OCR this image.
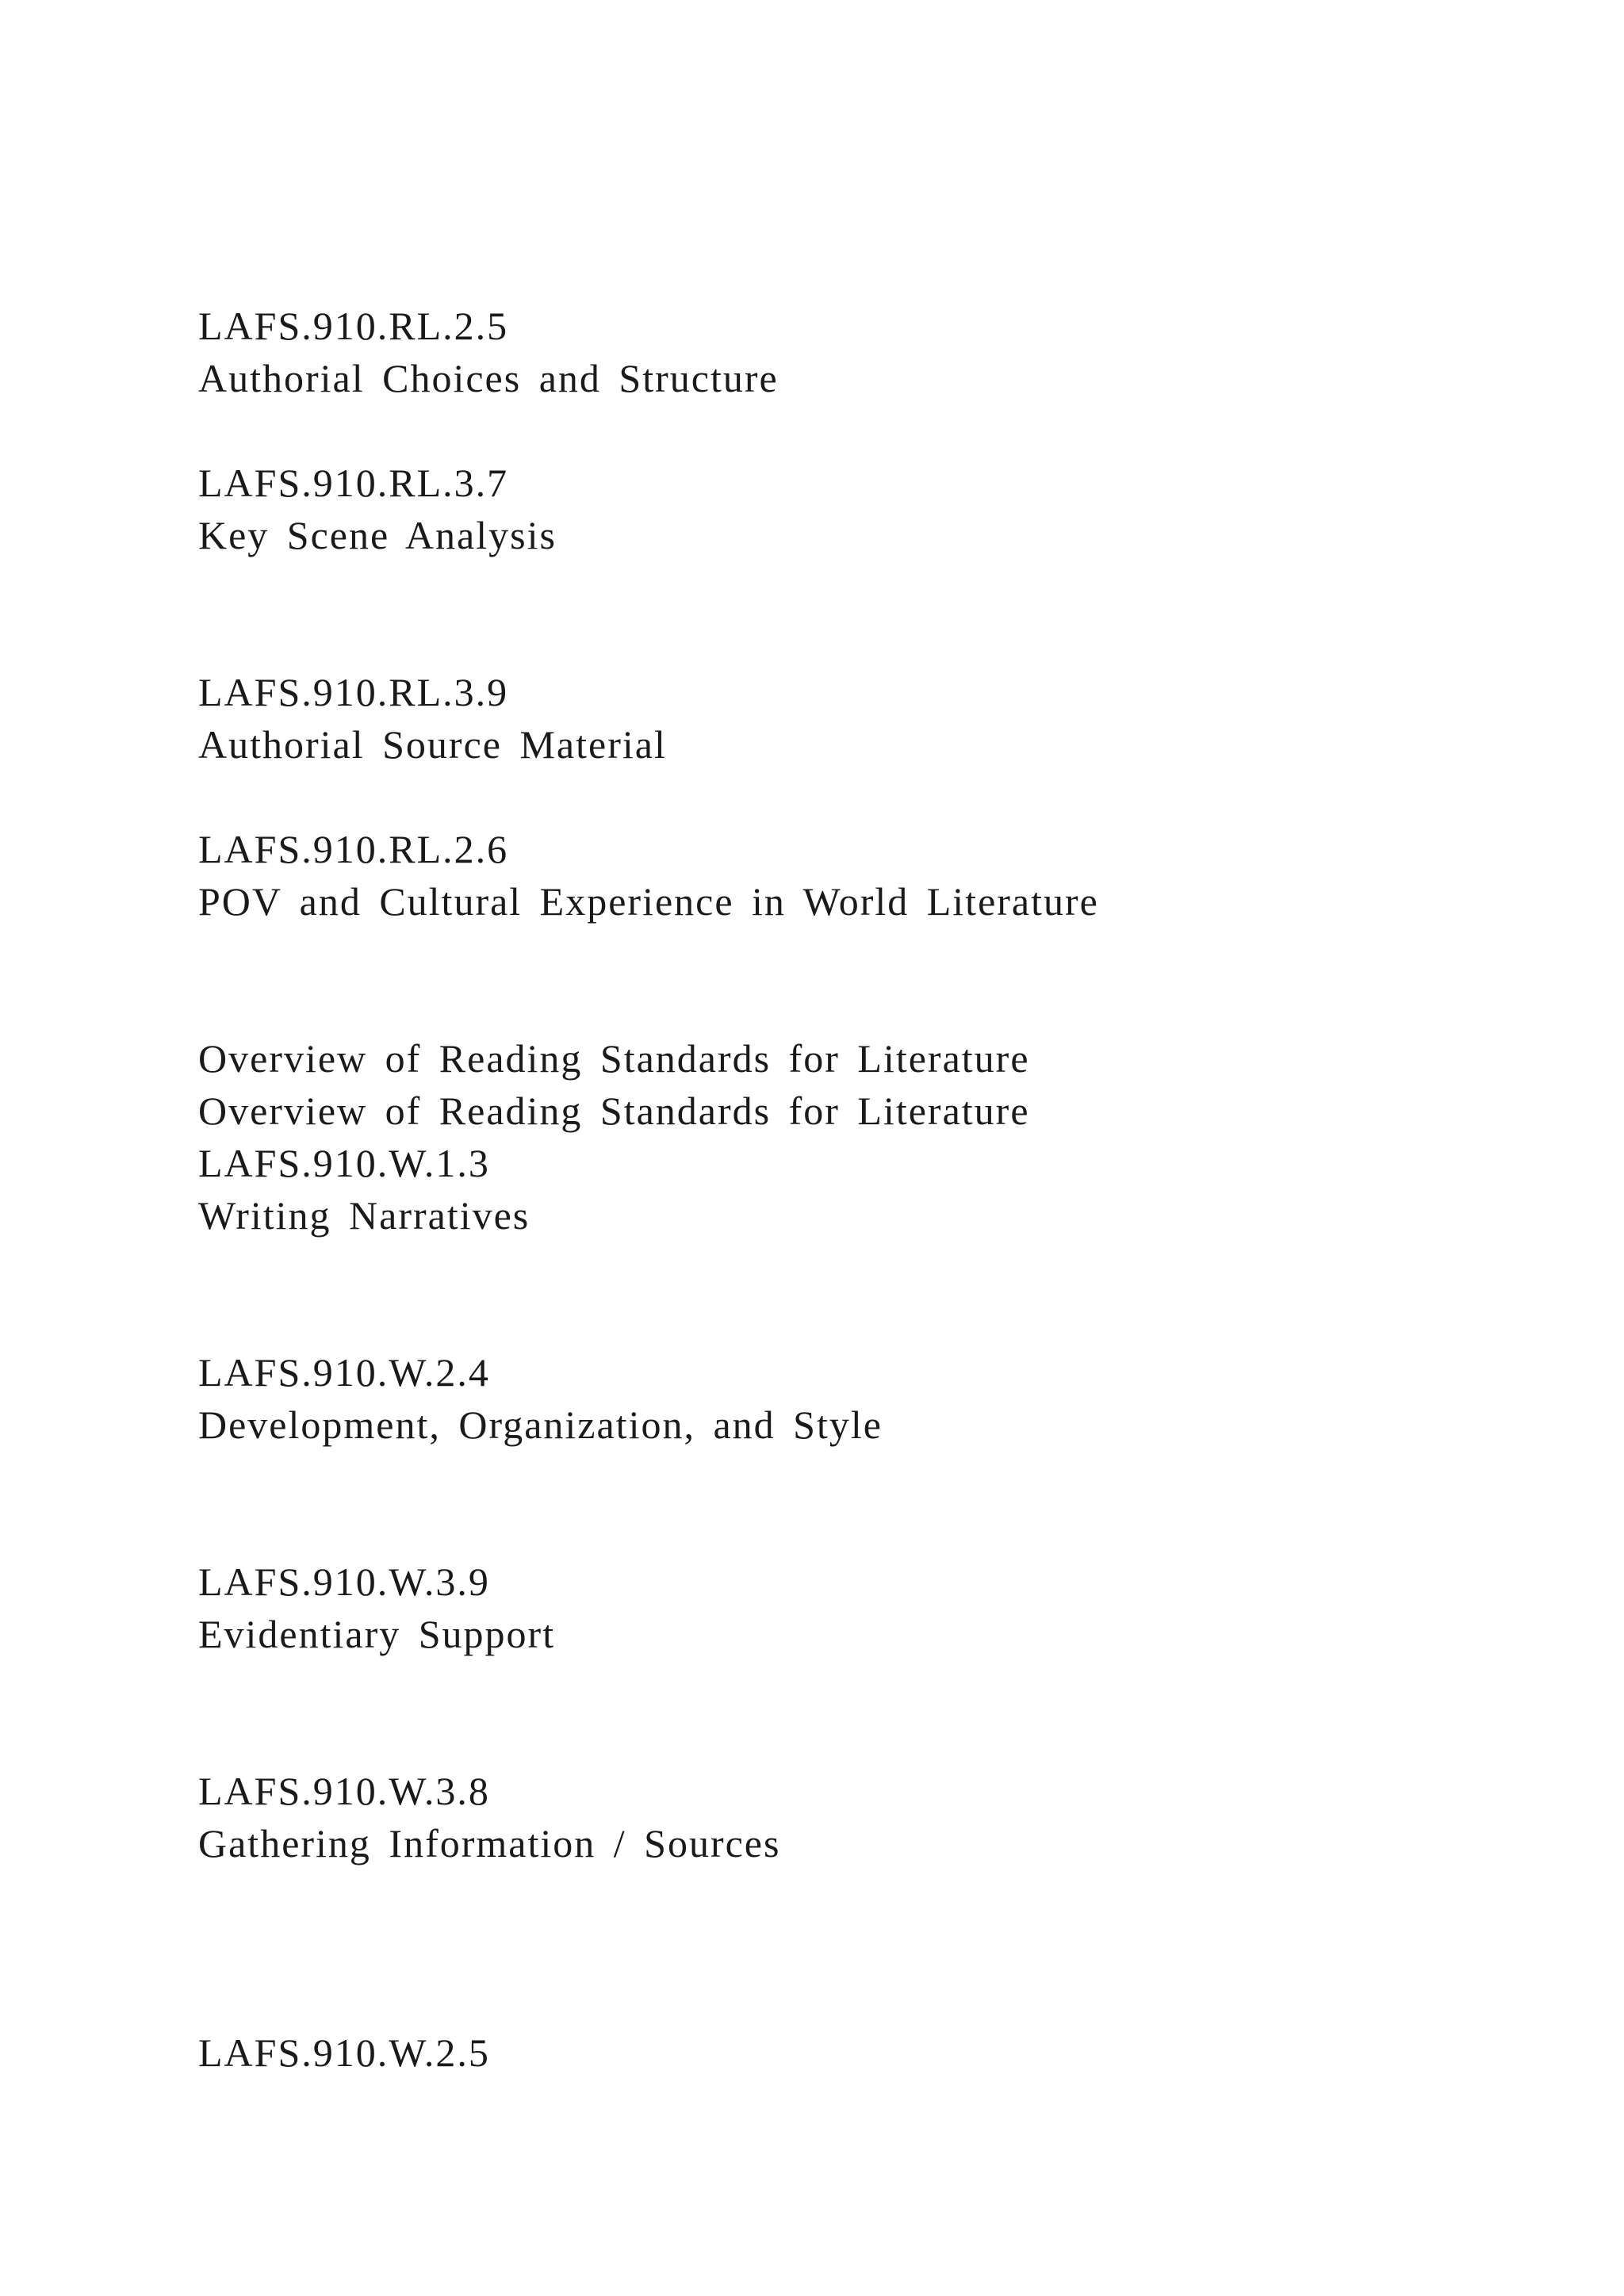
LAFS.910.RL.2.5

Authorial Choices and Structure

LAFS.910.RL.3.7

Key Scene Analysis

LAFS.910.RL.3.9

Authorial Source Material

LAFS.910.RL.2.6

POV and Cultural Experience in World Literature

Overview of Reading Standards for Literature

Overview of Reading Standards for Literature

LAFS.910.W.1.3

Writing Narratives

LAFS.910.W.2.4

Development, Organization, and Style

LAFS.910.W.3.9

Evidentiary Support

LAFS.910.W.3.8

Gathering Information / Sources

LAFS.910.W.2.5
